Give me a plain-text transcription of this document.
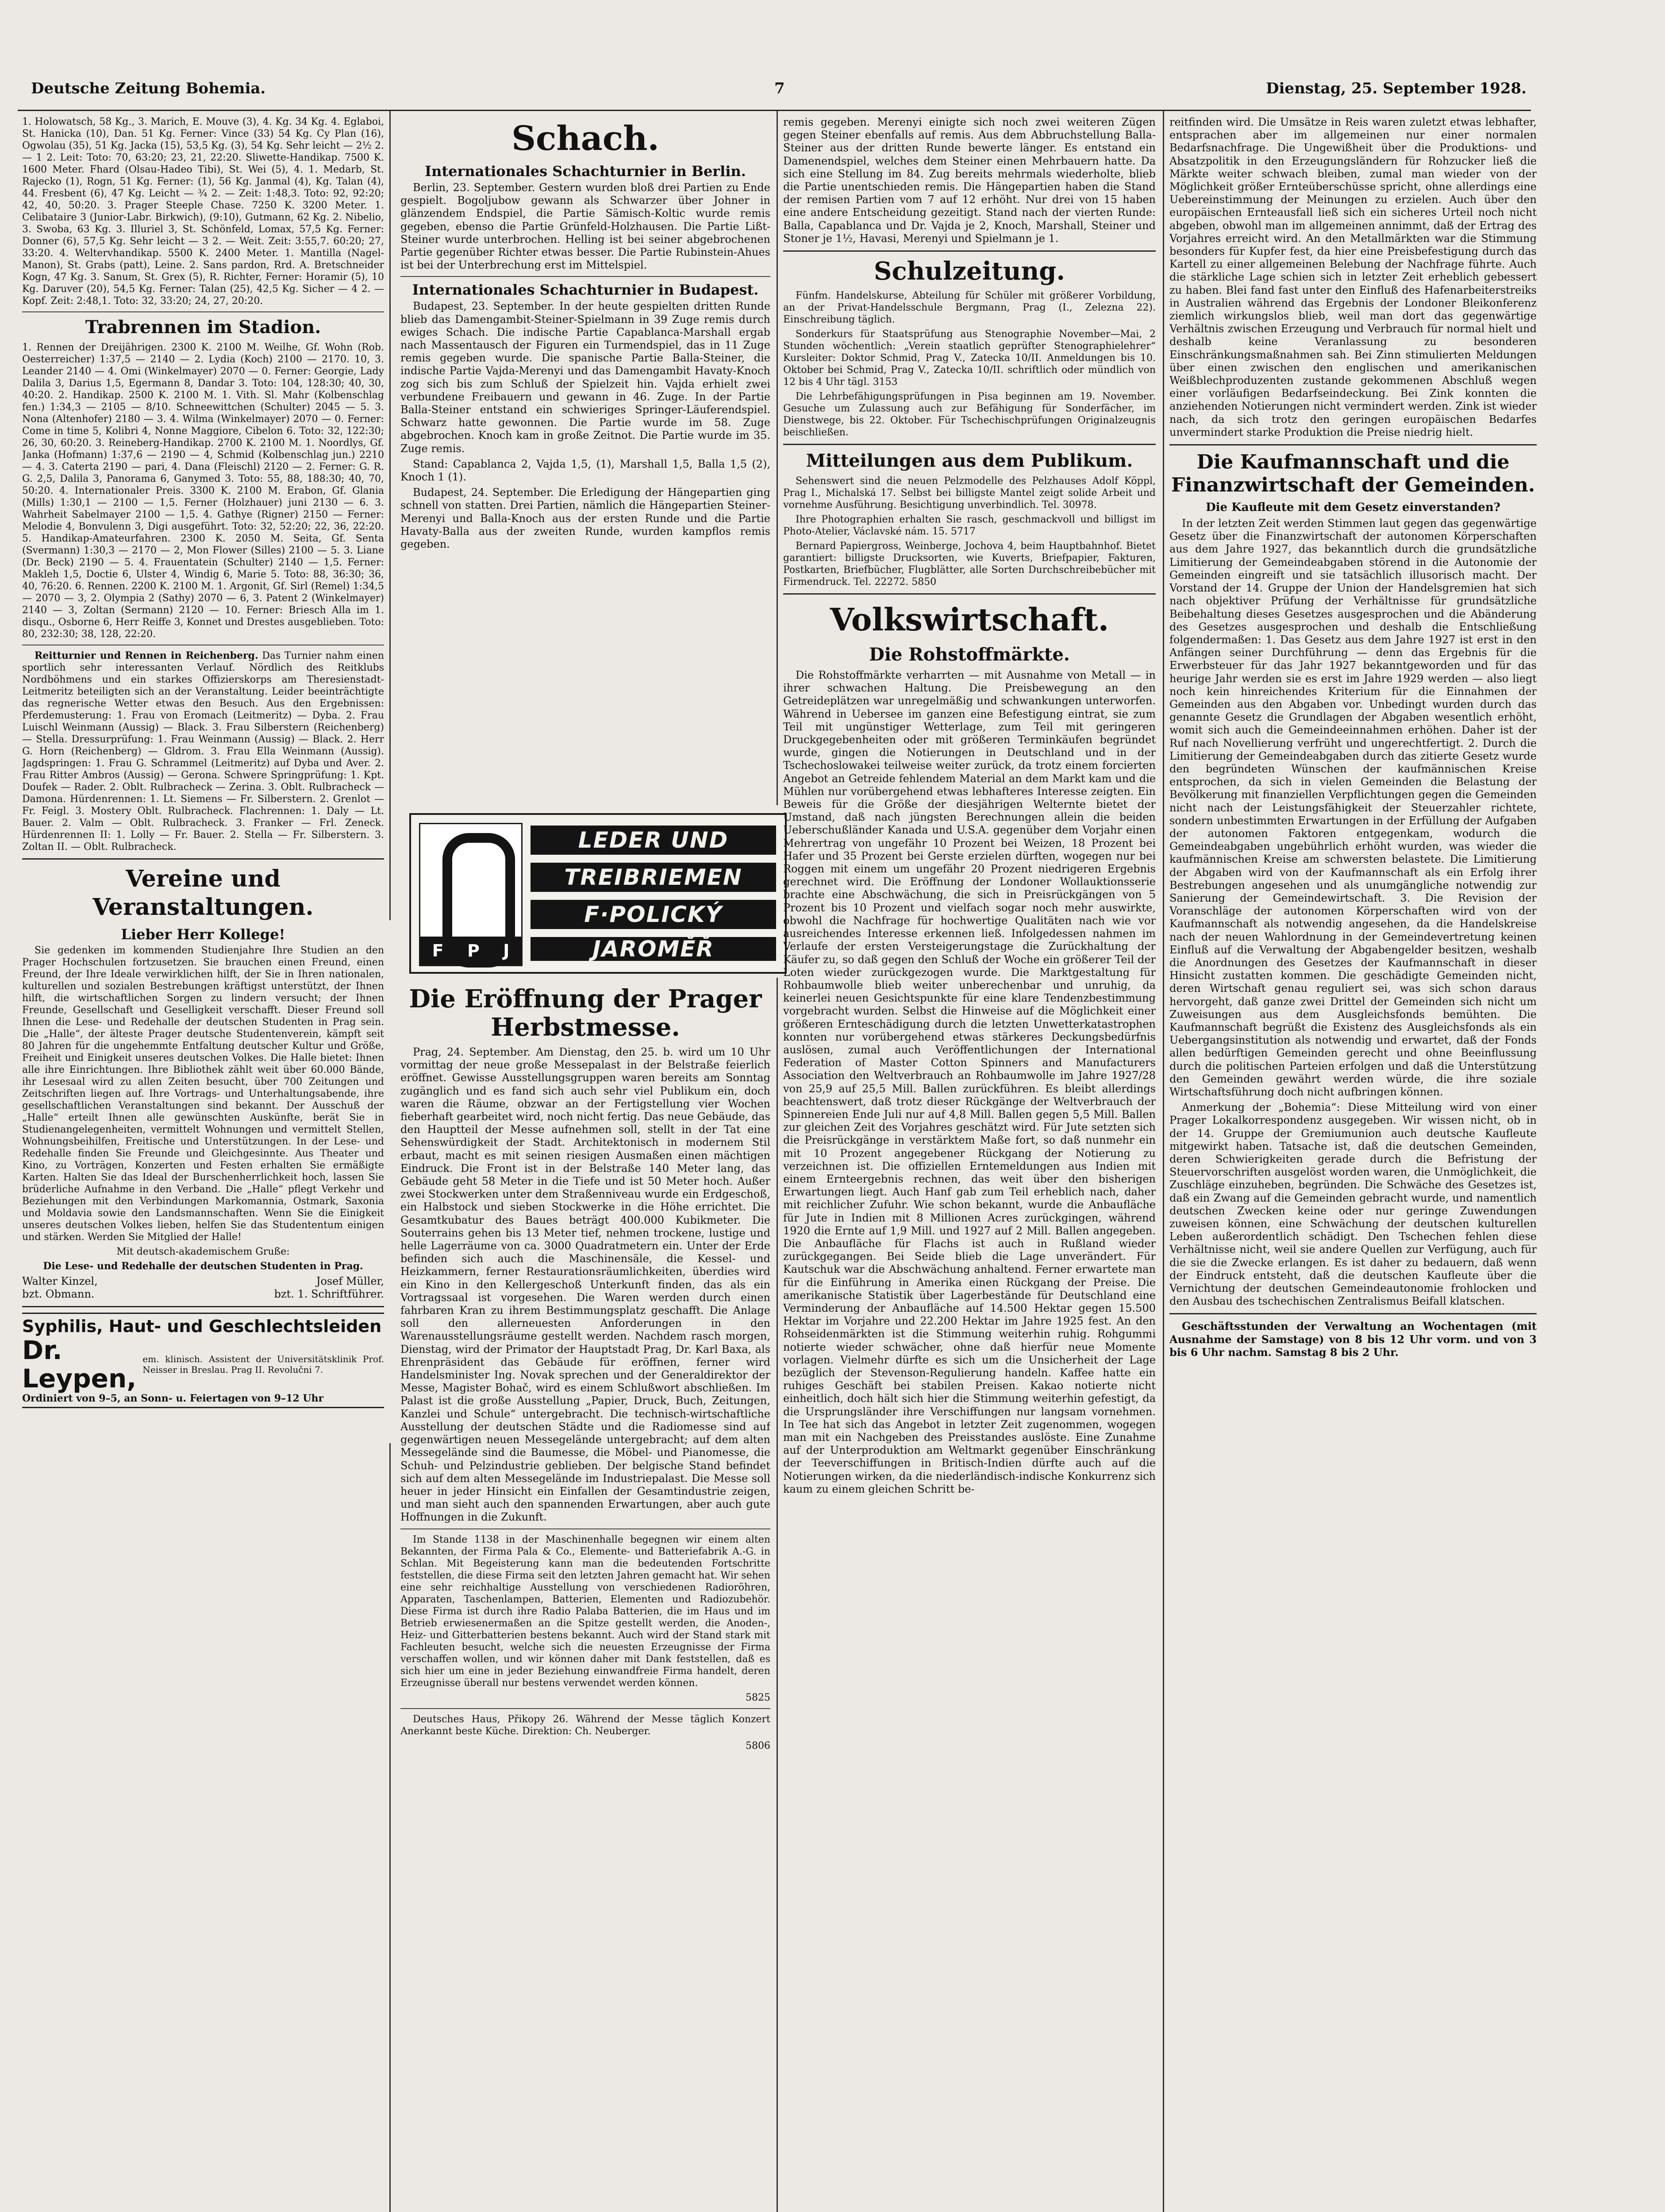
Deutsche Zeitung Bohemia.	7	Dienstag, 25. September 1928.

1. Holowatsch, 58 Kg., 3. Marich, E. Mouve (3), 4. Kg. 34 Kg. 4. Eglaboi, St. Hanicka (10), Dan. 51 Kg. Ferner: Vince (33) 54 Kg. Cy Plan (16), Ogwolau (35), 51 Kg. Jacka (15), 53,5 Kg. (3), 54 Kg. Sehr leicht — 2½ 2. — 1 2. Leit: Toto: 70, 63:20; 23, 21, 22:20. Sliwette-Handikap. 7500 K. 1600 Meter. Fhard (Olsau-Hadeo Tibi), St. Wei (5), 4. 1. Medarb, St. Rajecko (1), Rogn, 51 Kg. Ferner: (1), 56 Kg. Janmal (4), Kg. Talan (4), 44. Fresbent (6), 47 Kg. Leicht — ¾ 2. — Zeit: 1:48,3. Toto: 92, 92:20; 42, 40, 50:20. 3. Prager Steeple Chase. 7250 K. 3200 Meter. 1. Celibataire 3 (Junior-Labr. Birkwich), (9:10), Gutmann, 62 Kg. 2. Nibelio, 3. Swoba, 63 Kg. 3. Illuriel 3, St. Schönfeld, Lomax, 57,5 Kg. Ferner: Donner (6), 57,5 Kg. Sehr leicht — 3 2. — Weit. Zeit: 3:55,7. 60:20; 27, 33:20. 4. Weltervhandikap. 5500 K. 2400 Meter. 1. Mantilla (Nagel-Manon), St. Grabs (patt), Leine. 2. Sans pardon, Rrd. A. Bretschneider Kogn, 47 Kg. 3. Sanum, St. Grex (5), R. Richter, Ferner: Horamir (5), 10 Kg. Daruver (20), 54,5 Kg. Ferner: Talan (25), 42,5 Kg. Sicher — 4 2. — Kopf. Zeit: 2:48,1. Toto: 32, 33:20; 24, 27, 20:20.

Trabrennen im Stadion.

1. Rennen der Dreijährigen. 2300 K. 2100 M. Weilhe, Gf. Wohn (Rob. Oesterreicher) 1:37,5 — 2140 — 2. Lydia (Koch) 2100 — 2170. 10, 3. Leander 2140 — 4. Omi (Winkelmayer) 2070 — 0. Ferner: Georgie, Lady Dalila 3, Darius 1,5, Egermann 8, Dandar 3. Toto: 104, 128:30; 40, 30, 40:20. 2. Handikap. 2500 K. 2100 M. 1. Vith. Sl. Mahr (Kolbenschlag fen.) 1:34,3 — 2105 — 8/10. Schneewittchen (Schulter) 2045 — 5. 3. Nona (Altenhofer) 2180 — 3. 4. Wilma (Winkelmayer) 2070 — 0. Ferner: Come in time 5, Kolibri 4, Nonne Maggiore, Cibelon 6. Toto: 32, 122:30; 26, 30, 60:20. 3. Reineberg-Handikap. 2700 K. 2100 M. 1. Noordlys, Gf. Janka (Hofmann) 1:37,6 — 2190 — 4, Schmid (Kolbenschlag jun.) 2210 — 4. 3. Caterta 2190 — pari, 4. Dana (Fleischl) 2120 — 2. Ferner: G. R. G. 2,5, Dalila 3, Panorama 6, Ganymed 3. Toto: 55, 88, 188:30; 40, 70, 50:20. 4. Internationaler Preis. 3300 K. 2100 M. Erabon, Gf. Glania (Mills) 1:30,1 — 2100 — 1,5. Ferner (Holzhauer) juni 2130 — 6. 3. Wahrheit Sabelmayer 2100 — 1,5. 4. Gathye (Rigner) 2150 — Ferner: Melodie 4, Bonvulenn 3, Digi ausgeführt. Toto: 32, 52:20; 22, 36, 22:20. 5. Handikap-Amateurfahren. 2300 K. 2050 M. Seita, Gf. Senta (Svermann) 1:30,3 — 2170 — 2, Mon Flower (Silles) 2100 — 5. 3. Liane (Dr. Beck) 2190 — 5. 4. Frauentatein (Schulter) 2140 — 1,5. Ferner: Makleh 1,5, Doctie 6, Ulster 4, Windig 6, Marie 5. Toto: 88, 36:30; 36, 40, 76:20. 6. Rennen. 2200 K. 2100 M. 1. Argonit, Gf. Sirl (Remel) 1:34,5 — 2070 — 3, 2. Olympia 2 (Sathy) 2070 — 6, 3. Patent 2 (Winkelmayer) 2140 — 3, Zoltan (Sermann) 2120 — 10. Ferner: Briesch Alla im 1. disqu., Osborne 6, Herr Reiffe 3, Konnet und Drestes ausgeblieben. Toto: 80, 232:30; 38, 128, 22:20.

Reitturnier und Rennen in Reichenberg. Das Turnier nahm einen sportlich sehr interessanten Verlauf. Nördlich des Reitklubs Nordböhmens und ein starkes Offizierskorps am Theresienstadt-Leitmeritz beteiligten sich an der Veranstaltung. Leider beeinträchtigte das regnerische Wetter etwas den Besuch. Aus den Ergebnissen: Pferdemusterung: 1. Frau von Eromach (Leitmeritz) — Dyba. 2. Frau Luischl Weinmann (Aussig) — Black. 3. Frau Silberstern (Reichenberg) — Stella. Dressurprüfung: 1. Frau Weinmann (Aussig) — Black. 2. Herr G. Horn (Reichenberg) — Gldrom. 3. Frau Ella Weinmann (Aussig). Jagdspringen: 1. Frau G. Schrammel (Leitmeritz) auf Dyba und Aver. 2. Frau Ritter Ambros (Aussig) — Gerona. Schwere Springprüfung: 1. Kpt. Doufek — Rader. 2. Oblt. Rulbracheck — Zerina. 3. Oblt. Rulbracheck — Damona. Hürdenrennen: 1. Lt. Siemens — Fr. Silberstern. 2. Grenlot — Fr. Feigl. 3. Mostery Oblt. Rulbracheck. Flachrennen: 1. Daly — Lt. Bauer. 2. Valm — Oblt. Rulbracheck. 3. Franker — Frl. Zeneck. Hürdenrennen II: 1. Lolly — Fr. Bauer. 2. Stella — Fr. Silberstern. 3. Zoltan II. — Oblt. Rulbracheck.

Vereine und Veranstaltungen.
Lieber Herr Kollege!

Sie gedenken im kommenden Studienjahre Ihre Studien an den Prager Hochschulen fortzusetzen. Sie brauchen einen Freund, einen Freund, der Ihre Ideale verwirklichen hilft, der Sie in Ihren nationalen, kulturellen und sozialen Bestrebungen kräftigst unterstützt, der Ihnen hilft, die wirtschaftlichen Sorgen zu lindern versucht; der Ihnen Freunde, Gesellschaft und Geselligkeit verschafft. Dieser Freund soll Ihnen die Lese- und Redehalle der deutschen Studenten in Prag sein. Die „Halle“, der älteste Prager deutsche Studentenverein, kämpft seit 80 Jahren für die ungehemmte Entfaltung deutscher Kultur und Größe, Freiheit und Einigkeit unseres deutschen Volkes. Die Halle bietet: Ihnen alle ihre Einrichtungen. Ihre Bibliothek zählt weit über 60.000 Bände, ihr Lesesaal wird zu allen Zeiten besucht, über 700 Zeitungen und Zeitschriften liegen auf. Ihre Vortrags- und Unterhaltungsabende, ihre gesellschaftlichen Veranstaltungen sind bekannt. Der Ausschuß der „Halle“ erteilt Ihnen alle gewünschten Auskünfte, berät Sie in Studienangelegenheiten, vermittelt Wohnungen und vermittelt Stellen, Wohnungsbeihilfen, Freitische und Unterstützungen. In der Lese- und Redehalle finden Sie Freunde und Gleichgesinnte. Aus Theater und Kino, zu Vorträgen, Konzerten und Festen erhalten Sie ermäßigte Karten. Halten Sie das Ideal der Burschenherrlichkeit hoch, lassen Sie brüderliche Aufnahme in den Verband. Die „Halle“ pflegt Verkehr und Beziehungen mit den Verbindungen Markomannia, Ostmark, Saxonia und Moldavia sowie den Landsmannschaften. Wenn Sie die Einigkeit unseres deutschen Volkes lieben, helfen Sie das Studententum einigen und stärken. Werden Sie Mitglied der Halle!

Mit deutsch-akademischem Gruße:

Die Lese- und Redehalle der deutschen Studenten in Prag.

Walter Kinzel,
bzt. Obmann.
Josef Müller,
bzt. 1. Schriftführer.
Syphilis, Haut- und Geschlechtsleiden
Dr. Leypen,
em. klinisch. Assistent der Universitätsklinik Prof. Neisser in Breslau. Prag II. Revolučni 7.
Ordiniert von 9–5, an Sonn- u. Feiertagen von 9–12 Uhr
Schach.
Internationales Schachturnier in Berlin.

Berlin, 23. September. Gestern wurden bloß drei Partien zu Ende gespielt. Bogoljubow gewann als Schwarzer über Johner in glänzendem Endspiel, die Partie Sämisch-Koltic wurde remis gegeben, ebenso die Partie Grünfeld-Holzhausen. Die Partie Lißt-Steiner wurde unterbrochen. Helling ist bei seiner abgebrochenen Partie gegenüber Richter etwas besser. Die Partie Rubinstein-Ahues ist bei der Unterbrechung erst im Mittelspiel.

Internationales Schachturnier in Budapest.

Budapest, 23. September. In der heute gespielten dritten Runde blieb das Damengambit-Steiner-Spielmann in 39 Zuge remis durch ewiges Schach. Die indische Partie Capablanca-Marshall ergab nach Massentausch der Figuren ein Turmendspiel, das in 11 Zuge remis gegeben wurde. Die spanische Partie Balla-Steiner, die indische Partie Vajda-Merenyi und das Damengambit Havaty-Knoch zog sich bis zum Schluß der Spielzeit hin. Vajda erhielt zwei verbundene Freibauern und gewann in 46. Zuge. In der Partie Balla-Steiner entstand ein schwieriges Springer-Läuferendspiel. Schwarz hatte gewonnen. Die Partie wurde im 58. Zuge abgebrochen. Knoch kam in große Zeitnot. Die Partie wurde im 35. Zuge remis.

Stand: Capablanca 2, Vajda 1,5, (1), Marshall 1,5, Balla 1,5 (2), Knoch 1 (1).

Budapest, 24. September. Die Erledigung der Hängepartien ging schnell von statten. Drei Partien, nämlich die Hängepartien Steiner-Merenyi und Balla-Knoch aus der ersten Runde und die Partie Havaty-Balla aus der zweiten Runde, wurden kampflos remis gegeben.

F P J
LEDER UND
TREIBRIEMEN
F·POLICKÝ
JAROMĚŘ
Die Eröffnung der Prager Herbstmesse.

Prag, 24. September. Am Dienstag, den 25. b. wird um 10 Uhr vormittag der neue große Messepalast in der Belstraße feierlich eröffnet. Gewisse Ausstellungsgruppen waren bereits am Sonntag zugänglich und es fand sich auch sehr viel Publikum ein, doch waren die Räume, obzwar an der Fertigstellung vier Wochen fieberhaft gearbeitet wird, noch nicht fertig. Das neue Gebäude, das den Hauptteil der Messe aufnehmen soll, stellt in der Tat eine Sehenswürdigkeit der Stadt. Architektonisch in modernem Stil erbaut, macht es mit seinen riesigen Ausmaßen einen mächtigen Eindruck. Die Front ist in der Belstraße 140 Meter lang, das Gebäude geht 58 Meter in die Tiefe und ist 50 Meter hoch. Außer zwei Stockwerken unter dem Straßenniveau wurde ein Erdgeschoß, ein Halbstock und sieben Stockwerke in die Höhe errichtet. Die Gesamtkubatur des Baues beträgt 400.000 Kubikmeter. Die Souterrains gehen bis 13 Meter tief, nehmen trockene, lustige und helle Lagerräume von ca. 3000 Quadratmetern ein. Unter der Erde befinden sich auch die Maschinensäle, die Kessel- und Heizkammern, ferner Restaurationsräumlichkeiten, überdies wird ein Kino in den Kellergeschoß Unterkunft finden, das als ein Vortragssaal ist vorgesehen. Die Waren werden durch einen fahrbaren Kran zu ihrem Bestimmungsplatz geschafft. Die Anlage soll den allerneuesten Anforderungen in den Warenausstellungsräume gestellt werden. Nachdem rasch morgen, Dienstag, wird der Primator der Hauptstadt Prag, Dr. Karl Baxa, als Ehrenpräsident das Gebäude für eröffnen, ferner wird Handelsminister Ing. Novak sprechen und der Generaldirektor der Messe, Magister Bohač, wird es einem Schlußwort abschließen. Im Palast ist die große Ausstellung „Papier, Druck, Buch, Zeitungen, Kanzlei und Schule“ untergebracht. Die technisch-wirtschaftliche Ausstellung der deutschen Städte und die Radiomesse sind auf gegenwärtigen neuen Messegelände untergebracht; auf dem alten Messegelände sind die Baumesse, die Möbel- und Pianomesse, die Schuh- und Pelzindustrie geblieben. Der belgische Stand befindet sich auf dem alten Messegelände im Industriepalast. Die Messe soll heuer in jeder Hinsicht ein Einfallen der Gesamtindustrie zeigen, und man sieht auch den spannenden Erwartungen, aber auch gute Hoffnungen in die Zukunft.

Im Stande 1138 in der Maschinenhalle begegnen wir einem alten Bekannten, der Firma Pala & Co., Elemente- und Batteriefabrik A.-G. in Schlan. Mit Begeisterung kann man die bedeutenden Fortschritte feststellen, die diese Firma seit den letzten Jahren gemacht hat. Wir sehen eine sehr reichhaltige Ausstellung von verschiedenen Radioröhren, Apparaten, Taschenlampen, Batterien, Elementen und Radiozubehör. Diese Firma ist durch ihre Radio Palaba Batterien, die im Haus und im Betrieb erwiesenermaßen an die Spitze gestellt werden, die Anoden-, Heiz- und Gitterbatterien bestens bekannt. Auch wird der Stand stark mit Fachleuten besucht, welche sich die neuesten Erzeugnisse der Firma verschaffen wollen, und wir können daher mit Dank feststellen, daß es sich hier um eine in jeder Beziehung einwandfreie Firma handelt, deren Erzeugnisse überall nur bestens verwendet werden können.

5825

Deutsches Haus, Přikopy 26. Während der Messe täglich Konzert Anerkannt beste Küche. Direktion: Ch. Neuberger.

5806

remis gegeben. Merenyi einigte sich noch zwei weiteren Zügen gegen Steiner ebenfalls auf remis. Aus dem Abbruchstellung Balla-Steiner aus der dritten Runde bewerte länger. Es entstand ein Damenendspiel, welches dem Steiner einen Mehrbauern hatte. Da sich eine Stellung im 84. Zug bereits mehrmals wiederholte, blieb die Partie unentschieden remis. Die Hängepartien haben die Stand der remisen Partien vom 7 auf 12 erhöht. Nur drei von 15 haben eine andere Entscheidung gezeitigt. Stand nach der vierten Runde: Balla, Capablanca und Dr. Vajda je 2, Knoch, Marshall, Steiner und Stoner je 1½, Havasi, Merenyi und Spielmann je 1.

Schulzeitung.

Fünfm. Handelskurse, Abteilung für Schüler mit größerer Vorbildung, an der Privat-Handelsschule Bergmann, Prag (I., Zelezna 22). Einschreibung täglich.

Sonderkurs für Staatsprüfung aus Stenographie November—Mai, 2 Stunden wöchentlich: „Verein staatlich geprüfter Stenographielehrer“ Kursleiter: Doktor Schmid, Prag V., Zatecka 10/II. Anmeldungen bis 10. Oktober bei Schmid, Prag V., Zatecka 10/II. schriftlich oder mündlich von 12 bis 4 Uhr tägl. 3153

Die Lehrbefähigungsprüfungen in Pisa beginnen am 19. November. Gesuche um Zulassung auch zur Befähigung für Sonderfächer, im Dienstwege, bis 22. Oktober. Für Tschechischprüfungen Originalzeugnis beischließen.

Mitteilungen aus dem Publikum.

Sehenswert sind die neuen Pelzmodelle des Pelzhauses Adolf Köppl, Prag I., Michalská 17. Selbst bei billigste Mantel zeigt solide Arbeit und vornehme Ausführung. Besichtigung unverbindlich. Tel. 30978.

Ihre Photographien erhalten Sie rasch, geschmackvoll und billigst im Photo-Atelier, Václavské nám. 15. 5717

Bernard Papiergross, Weinberge, Jochova 4, beim Hauptbahnhof. Bietet garantiert: billigste Drucksorten, wie Kuverts, Briefpapier, Fakturen, Postkarten, Briefbücher, Flugblätter, alle Sorten Durchschreibebücher mit Firmendruck. Tel. 22272. 5850

Volkswirtschaft.
Die Rohstoffmärkte.

Die Rohstoffmärkte verharrten — mit Ausnahme von Metall — in ihrer schwachen Haltung. Die Preisbewegung an den Getreideplätzen war unregelmäßig und schwankungen unterworfen. Während in Uebersee im ganzen eine Befestigung eintrat, sie zum Teil mit ungünstiger Wetterlage, zum Teil mit geringeren Druckgegebenheiten oder mit größeren Terminkäufen begründet wurde, gingen die Notierungen in Deutschland und in der Tschechoslowakei teilweise weiter zurück, da trotz einem forcierten Angebot an Getreide fehlendem Material an dem Markt kam und die Mühlen nur vorübergehend etwas lebhafteres Interesse zeigten. Ein Beweis für die Größe der diesjährigen Welternte bietet der Umstand, daß nach jüngsten Berechnungen allein die beiden Ueberschußländer Kanada und U.S.A. gegenüber dem Vorjahr einen Mehrertrag von ungefähr 10 Prozent bei Weizen, 18 Prozent bei Hafer und 35 Prozent bei Gerste erzielen dürften, wogegen nur bei Roggen mit einem um ungefähr 20 Prozent niedrigeren Ergebnis gerechnet wird. Die Eröffnung der Londoner Wollauktionsserie brachte eine Abschwächung, die sich in Preisrückgängen von 5 Prozent bis 10 Prozent und vielfach sogar noch mehr auswirkte, obwohl die Nachfrage für hochwertige Qualitäten nach wie vor ausreichendes Interesse erkennen ließ. Infolgedessen nahmen im Verlaufe der ersten Versteigerungstage die Zurückhaltung der Käufer zu, so daß gegen den Schluß der Woche ein größerer Teil der Loten wieder zurückgezogen wurde. Die Marktgestaltung für Rohbaumwolle blieb weiter unberechenbar und unruhig, da keinerlei neuen Gesichtspunkte für eine klare Tendenzbestimmung vorgebracht wurden. Selbst die Hinweise auf die Möglichkeit einer größeren Ernteschädigung durch die letzten Unwetterkatastrophen konnten nur vorübergehend etwas stärkeres Deckungsbedürfnis auslösen, zumal auch Veröffentlichungen der International Federation of Master Cotton Spinners and Manufacturers Association den Weltverbrauch an Rohbaumwolle im Jahre 1927/28 von 25,9 auf 25,5 Mill. Ballen zurückführen. Es bleibt allerdings beachtenswert, daß trotz dieser Rückgänge der Weltverbrauch der Spinnereien Ende Juli nur auf 4,8 Mill. Ballen gegen 5,5 Mill. Ballen zur gleichen Zeit des Vorjahres geschätzt wird. Für Jute setzten sich die Preisrückgänge in verstärktem Maße fort, so daß nunmehr ein mit 10 Prozent angegebener Rückgang der Notierung zu verzeichnen ist. Die offiziellen Erntemeldungen aus Indien mit einem Ernteergebnis rechnen, das weit über den bisherigen Erwartungen liegt. Auch Hanf gab zum Teil erheblich nach, daher mit reichlicher Zufuhr. Wie schon bekannt, wurde die Anbaufläche für Jute in Indien mit 8 Millionen Acres zurückgingen, während 1920 die Ernte auf 1,9 Mill. und 1927 auf 2 Mill. Ballen angegeben. Die Anbaufläche für Flachs ist auch in Rußland wieder zurückgegangen. Bei Seide blieb die Lage unverändert. Für Kautschuk war die Abschwächung anhaltend. Ferner erwartete man für die Einführung in Amerika einen Rückgang der Preise. Die amerikanische Statistik über Lagerbestände für Deutschland eine Verminderung der Anbaufläche auf 14.500 Hektar gegen 15.500 Hektar im Vorjahre und 22.200 Hektar im Jahre 1925 fest. An den Rohseidenmärkten ist die Stimmung weiterhin ruhig. Rohgummi notierte wieder schwächer, ohne daß hierfür neue Momente vorlagen. Vielmehr dürfte es sich um die Unsicherheit der Lage bezüglich der Stevenson-Regulierung handeln. Kaffee hatte ein ruhiges Geschäft bei stabilen Preisen. Kakao notierte nicht einheitlich, doch hält sich hier die Stimmung weiterhin gefestigt, da die Ursprungsländer ihre Verschiffungen nur langsam vornehmen. In Tee hat sich das Angebot in letzter Zeit zugenommen, wogegen man mit ein Nachgeben des Preisstandes auslöste. Eine Zunahme auf der Unterproduktion am Weltmarkt gegenüber Einschränkung der Teeverschiffungen in Britisch-Indien dürfte auch auf die Notierungen wirken, da die niederländisch-indische Konkurrenz sich kaum zu einem gleichen Schritt be-

reitfinden wird. Die Umsätze in Reis waren zuletzt etwas lebhafter, entsprachen aber im allgemeinen nur einer normalen Bedarfsnachfrage. Die Ungewißheit über die Produktions- und Absatzpolitik in den Erzeugungsländern für Rohzucker ließ die Märkte weiter schwach bleiben, zumal man wieder von der Möglichkeit größer Ernteüberschüsse spricht, ohne allerdings eine Uebereinstimmung der Meinungen zu erzielen. Auch über den europäischen Ernteausfall ließ sich ein sicheres Urteil noch nicht abgeben, obwohl man im allgemeinen annimmt, daß der Ertrag des Vorjahres erreicht wird. An den Metallmärkten war die Stimmung besonders für Kupfer fest, da hier eine Preisbefestigung durch das Kartell zu einer allgemeinen Belebung der Nachfrage führte. Auch die stärkliche Lage schien sich in letzter Zeit erheblich gebessert zu haben. Blei fand fast unter den Einfluß des Hafenarbeiterstreiks in Australien während das Ergebnis der Londoner Bleikonferenz ziemlich wirkungslos blieb, weil man dort das gegenwärtige Verhältnis zwischen Erzeugung und Verbrauch für normal hielt und deshalb keine Veranlassung zu besonderen Einschränkungsmaßnahmen sah. Bei Zinn stimulierten Meldungen über einen zwischen den englischen und amerikanischen Weißblechproduzenten zustande gekommenen Abschluß wegen einer vorläufigen Bedarfseindeckung. Bei Zink konnten die anziehenden Notierungen nicht vermindert werden. Zink ist wieder nach, da sich trotz den geringen europäischen Bedarfes unvermindert starke Produktion die Preise niedrig hielt.

Die Kaufmannschaft und die Finanzwirtschaft der Gemeinden.
Die Kaufleute mit dem Gesetz einverstanden?

In der letzten Zeit werden Stimmen laut gegen das gegenwärtige Gesetz über die Finanzwirtschaft der autonomen Körperschaften aus dem Jahre 1927, das bekanntlich durch die grundsätzliche Limitierung der Gemeindeabgaben störend in die Autonomie der Gemeinden eingreift und sie tatsächlich illusorisch macht. Der Vorstand der 14. Gruppe der Union der Handelsgremien hat sich nach objektiver Prüfung der Verhältnisse für grundsätzliche Beibehaltung dieses Gesetzes ausgesprochen und die Abänderung des Gesetzes ausgesprochen und deshalb die Entschließung folgendermaßen: 1. Das Gesetz aus dem Jahre 1927 ist erst in den Anfängen seiner Durchführung — denn das Ergebnis für die Erwerbsteuer für das Jahr 1927 bekanntgeworden und für das heurige Jahr werden sie es erst im Jahre 1929 werden — also liegt noch kein hinreichendes Kriterium für die Einnahmen der Gemeinden aus den Abgaben vor. Unbedingt wurden durch das genannte Gesetz die Grundlagen der Abgaben wesentlich erhöht, womit sich auch die Gemeindeeinnahmen erhöhen. Daher ist der Ruf nach Novellierung verfrüht und ungerechtfertigt. 2. Durch die Limitierung der Gemeindeabgaben durch das zitierte Gesetz wurde den begründeten Wünschen der kaufmännischen Kreise entsprochen, da sich in vielen Gemeinden die Belastung der Bevölkerung mit finanziellen Verpflichtungen gegen die Gemeinden nicht nach der Leistungsfähigkeit der Steuerzahler richtete, sondern unbestimmten Erwartungen in der Erfüllung der Aufgaben der autonomen Faktoren entgegenkam, wodurch die Gemeindeabgaben ungebührlich erhöht wurden, was wieder die kaufmännischen Kreise am schwersten belastete. Die Limitierung der Abgaben wird von der Kaufmannschaft als ein Erfolg ihrer Bestrebungen angesehen und als unumgängliche notwendig zur Sanierung der Gemeindewirtschaft. 3. Die Revision der Voranschläge der autonomen Körperschaften wird von der Kaufmannschaft als notwendig angesehen, da die Handelskreise nach der neuen Wahlordnung in der Gemeindevertretung keinen Einfluß auf die Verwaltung der Abgabengelder besitzen, weshalb die Anordnungen des Gesetzes der Kaufmannschaft in dieser Hinsicht zustatten kommen. Die geschädigte Gemeinden nicht, deren Wirtschaft genau reguliert sei, was sich schon daraus hervorgeht, daß ganze zwei Drittel der Gemeinden sich nicht um Zuweisungen aus dem Ausgleichsfonds bemühten. Die Kaufmannschaft begrüßt die Existenz des Ausgleichsfonds als ein Uebergangsinstitution als notwendig und erwartet, daß der Fonds allen bedürftigen Gemeinden gerecht und ohne Beeinflussung durch die politischen Parteien erfolgen und daß die Unterstützung den Gemeinden gewährt werden würde, die ihre soziale Wirtschaftsführung doch nicht aufbringen können.

Anmerkung der „Bohemia“: Diese Mitteilung wird von einer Prager Lokalkorrespondenz ausgegeben. Wir wissen nicht, ob in der 14. Gruppe der Gremiumunion auch deutsche Kaufleute mitgewirkt haben. Tatsache ist, daß die deutschen Gemeinden, deren Schwierigkeiten gerade durch die Befristung der Steuervorschriften ausgelöst worden waren, die Unmöglichkeit, die Zuschläge einzuheben, begründen. Die Schwäche des Gesetzes ist, daß ein Zwang auf die Gemeinden gebracht wurde, und namentlich deutschen Zwecken keine oder nur geringe Zuwendungen zuweisen können, eine Schwächung der deutschen kulturellen Leben außerordentlich schädigt. Den Tschechen fehlen diese Verhältnisse nicht, weil sie andere Quellen zur Verfügung, auch für die sie die Zwecke erlangen. Es ist daher zu bedauern, daß wenn der Eindruck entsteht, daß die deutschen Kaufleute über die Vernichtung der deutschen Gemeindeautonomie frohlocken und den Ausbau des tschechischen Zentralismus Beifall klatschen.

Geschäftsstunden der Verwaltung an Wochentagen (mit Ausnahme der Samstage) von 8 bis 12 Uhr vorm. und von 3 bis 6 Uhr nachm. Samstag 8 bis 2 Uhr.
